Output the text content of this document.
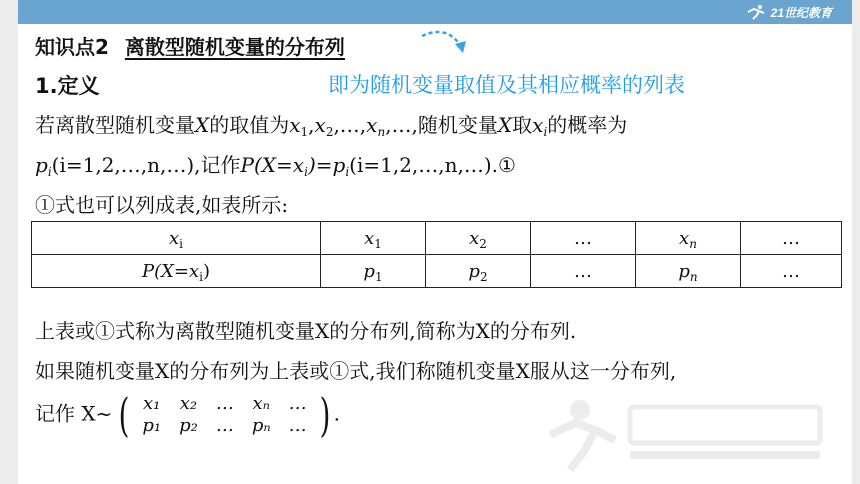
21世纪教育
知识点2 离散型随机变量的分布列
1.定义	即为随机变量取值及其相应概率的列表
若离散型随机变量X的取值为$x_1,x_2,\dots,x_n,\dots$,随机变量X取$x_i$的概率为
$p_i(i=1,2,\dots,n,\dots)$,记作$P(X=x_i)=p_i(i=1,2,\dots,n,\dots).①$
①式也可以列成表,如表所示:
$x_i$	$x_1$	$x_2$	…	$x_n$	…
$P(X=x_i)$	$p_1$	$p_2$	…	$p_n$	…
上表或①式称为离散型随机变量X的分布列,简称为X的分布列.
如果随机变量X的分布列为上表或①式,我们称随机变量X服从这一分布列,
记作 X~ ( x₁	x₂	…	xₙ	…
p₁	p₂	…	pₙ	… ) .
